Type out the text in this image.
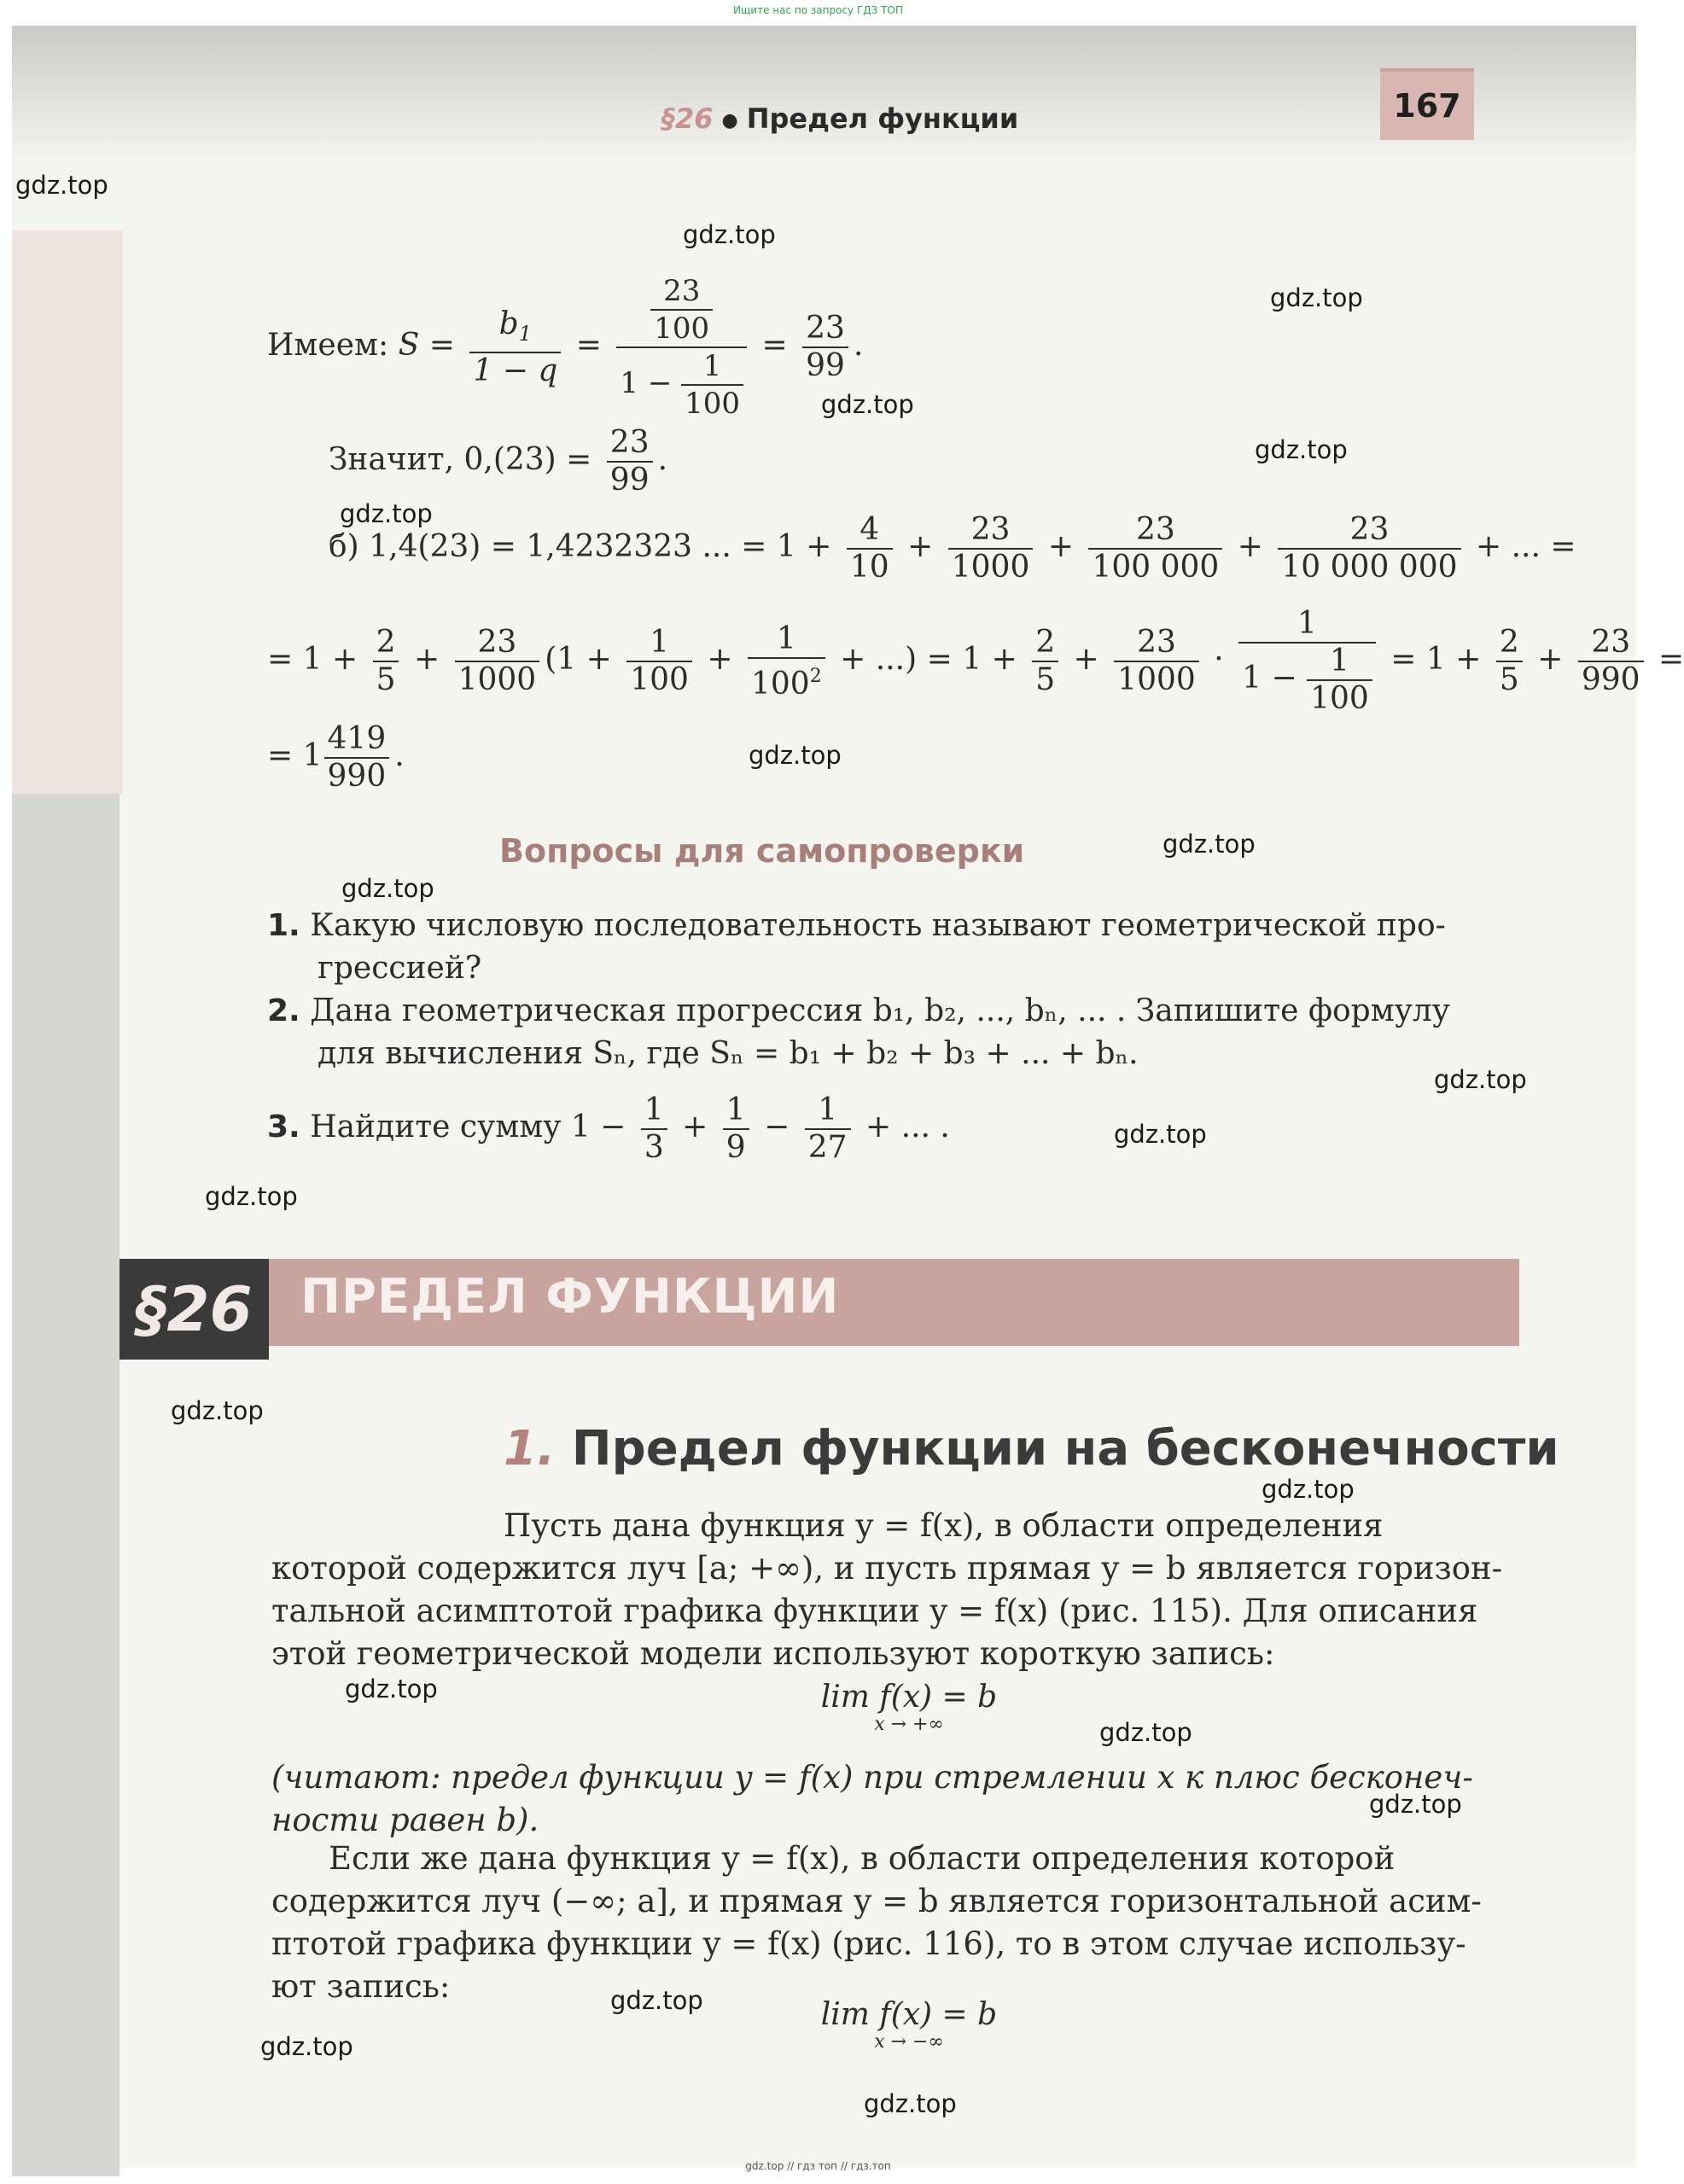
Ищите нас по запросу ГДЗ ТОП
§26 ● Предел функции	167
Имеем: $S = \frac{b_1}{1 - q} = \frac{\frac{23}{100}}{1 - \frac{1}{100}} = \frac{23}{99}$ .
Значит, $0,(23) = \frac{23}{99}$ .
б) 1,4(23) = 1,4232323 ... = $1 + \frac{4}{10} + \frac{23}{1000} + \frac{23}{100 000} + \frac{23}{10 000 000}$ + ... =
= $1 + \frac{2}{5} + \frac{23}{1000} (1 + \frac{1}{100} + \frac{1}{100^2}$ + ...) = $1 + \frac{2}{5} + \frac{23}{1000} \cdot \frac{1}{1 - \frac{1}{100}} = 1 + \frac{2}{5} + \frac{23}{990}$ =
= $1 \frac{419}{990}$ .
Вопросы для самопроверки
1. Какую числовую последовательность называют геометрической про-
грессией?
2. Дана геометрическая прогрессия b₁, b₂, ..., bₙ, ... . Запишите формулу
для вычисления Sₙ, где Sₙ = b₁ + b₂ + b₃ + ... + bₙ.
3. Найдите сумму $1 - \frac{1}{3} + \frac{1}{9} - \frac{1}{27}$ + ... .
§26	ПРЕДЕЛ ФУНКЦИИ
1. Предел функции на бесконечности
Пусть дана функция y = f(x), в области определения
которой содержится луч [a; +∞), и пусть прямая y = b является горизон-
тальной асимптотой графика функции y = f(x) (рис. 115). Для описания
этой геометрической модели используют короткую запись:
lim f(x) = b
x → +∞
(читают: предел функции y = f(x) при стремлении x к плюс бесконеч-
ности равен b).
Если же дана функция y = f(x), в области определения которой
содержится луч (−∞; a], и прямая y = b является горизонтальной асим-
птотой графика функции y = f(x) (рис. 116), то в этом случае использу-
ют запись:
lim f(x) = b
x → −∞
gdz.top
gdz.top
gdz.top
gdz.top
gdz.top
gdz.top
gdz.top
gdz.top
gdz.top
gdz.top
gdz.top
gdz.top
gdz.top
gdz.top
gdz.top
gdz.top
gdz.top
gdz.top
gdz.top
gdz.top
gdz.top // гдз топ // гдз.топ
